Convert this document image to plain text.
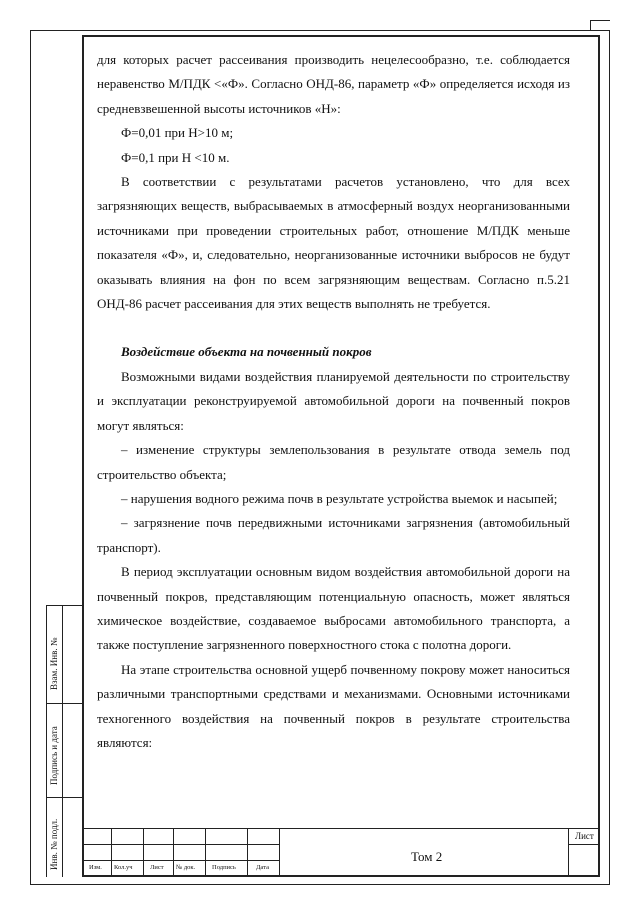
Взам. Инв. №
Подпись и дата
Инв. № подл.	Изм. Кол.уч	Лист № док.	Подпись	Дата
Том 2
Лист

для которых расчет рассеивания производить нецелесообразно, т.е. соблюдается неравенство М/ПДК <«Ф». Согласно ОНД-86, параметр «Ф» определяется исходя из средневзвешенной высоты источников «Н»:

Ф=0,01 при Н>10 м;

Ф=0,1 при Н <10 м.

В соответствии с результатами расчетов установлено, что для всех загрязняющих веществ, выбрасываемых в атмосферный воздух неорганизованными источниками при проведении строительных работ, отношение М/ПДК меньше показателя «Ф», и, следовательно, неорганизованные источники выбросов не будут оказывать влияния на фон по всем загрязняющим веществам. Согласно п.5.21 ОНД-86 расчет рассеивания для этих веществ выполнять не требуется.

Воздействие объекта на почвенный покров

Возможными видами воздействия планируемой деятельности по строительству и эксплуатации реконструируемой автомобильной дороги на почвенный покров могут являться:

– изменение структуры землепользования в результате отвода земель под строительство объекта;

– нарушения водного режима почв в результате устройства выемок и насыпей;

– загрязнение почв передвижными источниками загрязнения (автомобильный транспорт).

В период эксплуатации основным видом воздействия автомобильной дороги на почвенный покров, представляющим потенциальную опасность, может являться химическое воздействие, создаваемое выбросами автомобильного транспорта, а также поступление загрязненного поверхностного стока с полотна дороги.

На этапе строительства основной ущерб почвенному покрову может наноситься различными транспортными средствами и механизмами. Основными источниками техногенного воздействия на почвенный покров в результате строительства являются:
